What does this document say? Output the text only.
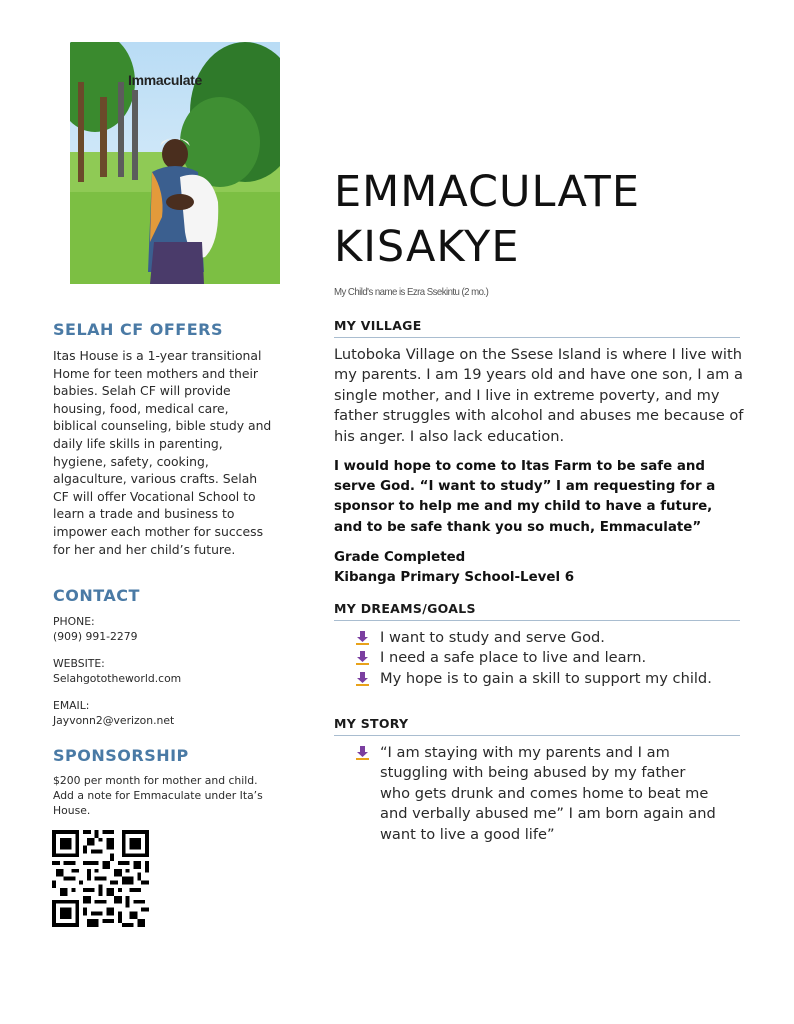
Immaculate
EMMACULATE
KISAKYE
My Child's name is Ezra Ssekintu (2 mo.)
SELAH CF OFFERS
Itas House is a 1-year transitional Home for teen mothers and their babies. Selah CF will provide housing, food, medical care, biblical counseling, bible study and daily life skills in parenting, hygiene, safety, cooking, algaculture, various crafts. Selah CF will offer Vocational School to learn a trade and business to impower each mother for success for her and her child’s future.
CONTACT
PHONE:
(909) 991-2279
WEBSITE:
Selahgototheworld.com
EMAIL:
Jayvonn2@verizon.net
SPONSORSHIP
$200 per month for mother and child. Add a note for Emmaculate under Ita’s House.
MY VILLAGE
Lutoboka Village on the Ssese Island is where I live with my parents. I am 19 years old and have one son, I am a single mother, and I live in extreme poverty, and my father struggles with alcohol and abuses me because of his anger. I also lack education.
I would hope to come to Itas Farm to be safe and serve God. “I want to study” I am requesting for a sponsor to help me and my child to have a future, and to be safe thank you so much, Emmaculate”
Grade Completed
Kibanga Primary School-Level 6
MY DREAMS/GOALS
I want to study and serve God.
I need a safe place to live and learn.
My hope is to gain a skill to support my child.
MY STORY
“I am staying with my parents and I am stuggling with being abused by my father who gets drunk and comes home to beat me and verbally abused me” I am born again and want to live a good life”
